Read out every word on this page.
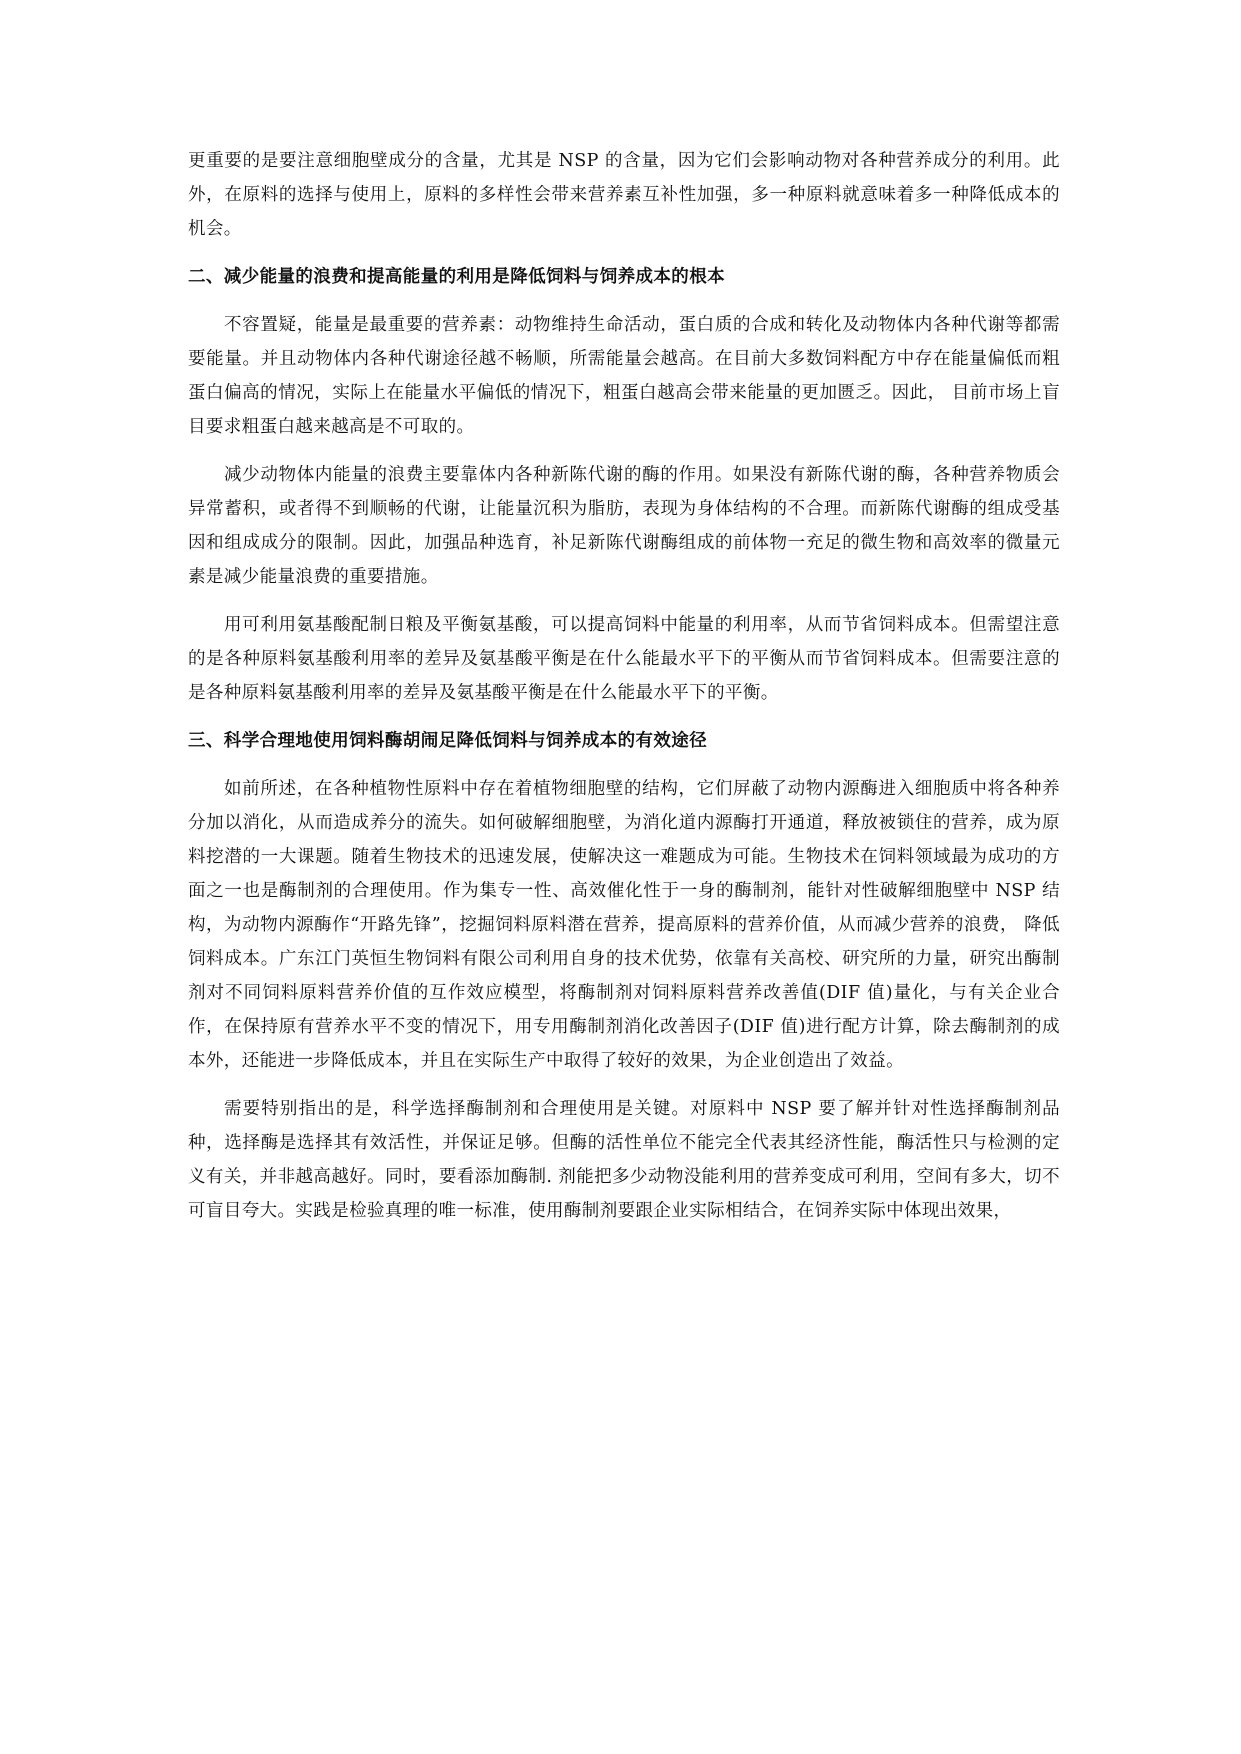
更重要的是要注意细胞壁成分的含量，尤其是 NSP 的含量，因为它们会影响动物对各种营养成分的利用。此外，在原料的选择与使用上，原料的多样性会带来营养素互补性加强，多一种原料就意味着多一种降低成本的机会。

二、减少能量的浪费和提高能量的利用是降低饲料与饲养成本的根本

不容置疑，能量是最重要的营养素：动物维持生命活动，蛋白质的合成和转化及动物体内各种代谢等都需要能量。并且动物体内各种代谢途径越不畅顺，所需能量会越高。在目前大多数饲料配方中存在能量偏低而粗蛋白偏高的情况，实际上在能量水平偏低的情况下，粗蛋白越高会带来能量的更加匮乏。因此， 目前市场上盲目要求粗蛋白越来越高是不可取的。

减少动物体内能量的浪费主要靠体内各种新陈代谢的酶的作用。如果没有新陈代谢的酶，各种营养物质会异常蓄积，或者得不到顺畅的代谢，让能量沉积为脂肪，表现为身体结构的不合理。而新陈代谢酶的组成受基因和组成成分的限制。因此，加强品种选育，补足新陈代谢酶组成的前体物一充足的微生物和高效率的微量元素是减少能量浪费的重要措施。

用可利用氨基酸配制日粮及平衡氨基酸，可以提高饲料中能量的利用率，从而节省饲料成本。但需望注意的是各种原料氨基酸利用率的差异及氨基酸平衡是在什么能最水平下的平衡从而节省饲料成本。但需要注意的是各种原料氨基酸利用率的差异及氨基酸平衡是在什么能最水平下的平衡。

三、科学合理地使用饲料酶胡闹足降低饲料与饲养成本的有效途径

如前所述，在各种植物性原料中存在着植物细胞壁的结构，它们屏蔽了动物内源酶进入细胞质中将各种养分加以消化，从而造成养分的流失。如何破解细胞壁，为消化道内源酶打开通道，释放被锁住的营养，成为原料挖潜的一大课题。随着生物技术的迅速发展，使解决这一难题成为可能。生物技术在饲料领域最为成功的方面之一也是酶制剂的合理使用。作为集专一性、高效催化性于一身的酶制剂，能针对性破解细胞壁中 NSP 结构，为动物内源酶作“开路先锋”，挖掘饲料原料潜在营养，提高原料的营养价值，从而减少营养的浪费， 降低饲料成本。广东江门英恒生物饲料有限公司利用自身的技术优势，依靠有关高校、研究所的力量，研究出酶制剂对不同饲料原料营养价值的互作效应模型，将酶制剂对饲料原料营养改善值(DIF 值)量化，与有关企业合作，在保持原有营养水平不变的情况下，用专用酶制剂消化改善因子(DIF 值)进行配方计算，除去酶制剂的成本外，还能进一步降低成本，并且在实际生产中取得了较好的效果，为企业创造出了效益。

需要特别指出的是，科学选择酶制剂和合理使用是关键。对原料中 NSP 要了解并针对性选择酶制剂品种，选择酶是选择其有效活性，并保证足够。但酶的活性单位不能完全代表其经济性能，酶活性只与检测的定义有关，并非越高越好。同时，要看添加酶制. 剂能把多少动物没能利用的营养变成可利用，空间有多大，切不可盲目夸大。实践是检验真理的唯一标准，使用酶制剂要跟企业实际相结合，在饲养实际中体现出效果，
